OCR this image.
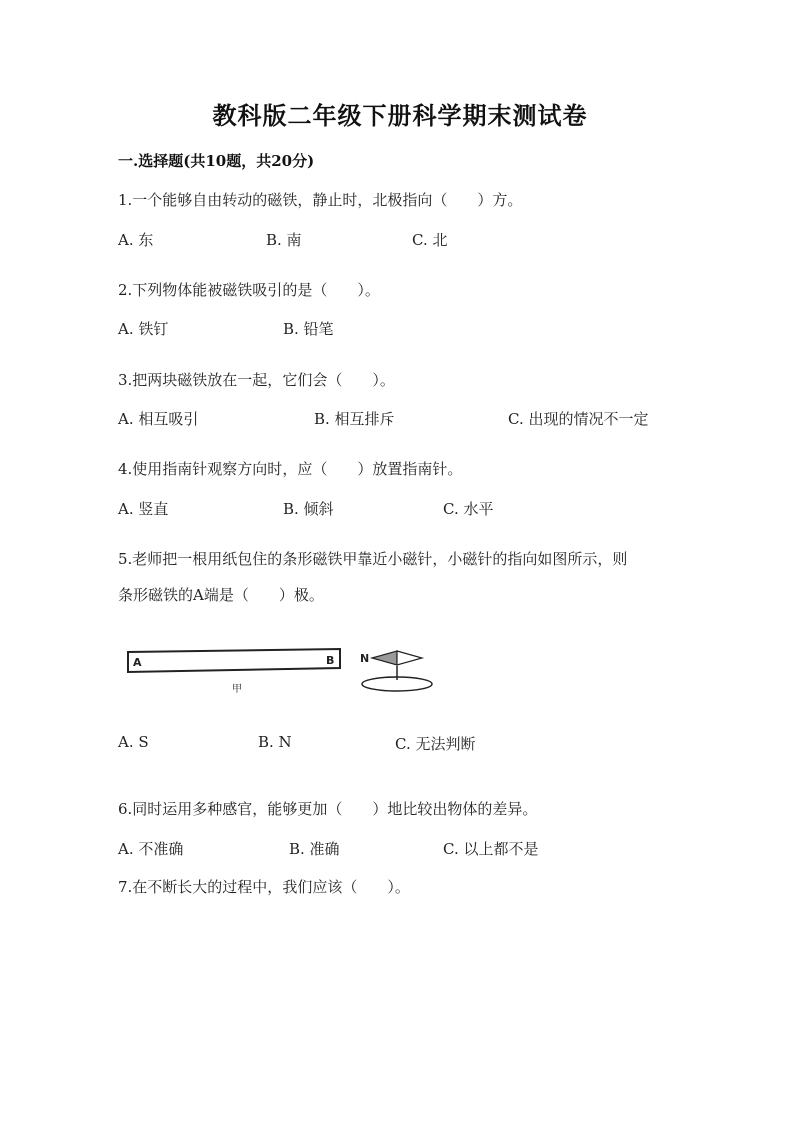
教科版二年级下册科学期末测试卷
一.选择题(共10题，共20分)
1.一个能够自由转动的磁铁，静止时，北极指向（　　）方。
A. 东	B. 南	C. 北
2.下列物体能被磁铁吸引的是（　　）。
A. 铁钉	B. 铅笔
3.把两块磁铁放在一起，它们会（　　）。
A. 相互吸引	B. 相互排斥	C. 出现的情况不一定
4.使用指南针观察方向时，应（　　）放置指南针。
A. 竖直	B. 倾斜	C. 水平
5.老师把一根用纸包住的条形磁铁甲靠近小磁针，小磁针的指向如图所示，则
条形磁铁的A端是（　　）极。
A	B
甲
N
A. S	B. N	C. 无法判断
6.同时运用多种感官，能够更加（　　）地比较出物体的差异。
A. 不准确	B. 准确	C. 以上都不是
7.在不断长大的过程中，我们应该（　　）。
